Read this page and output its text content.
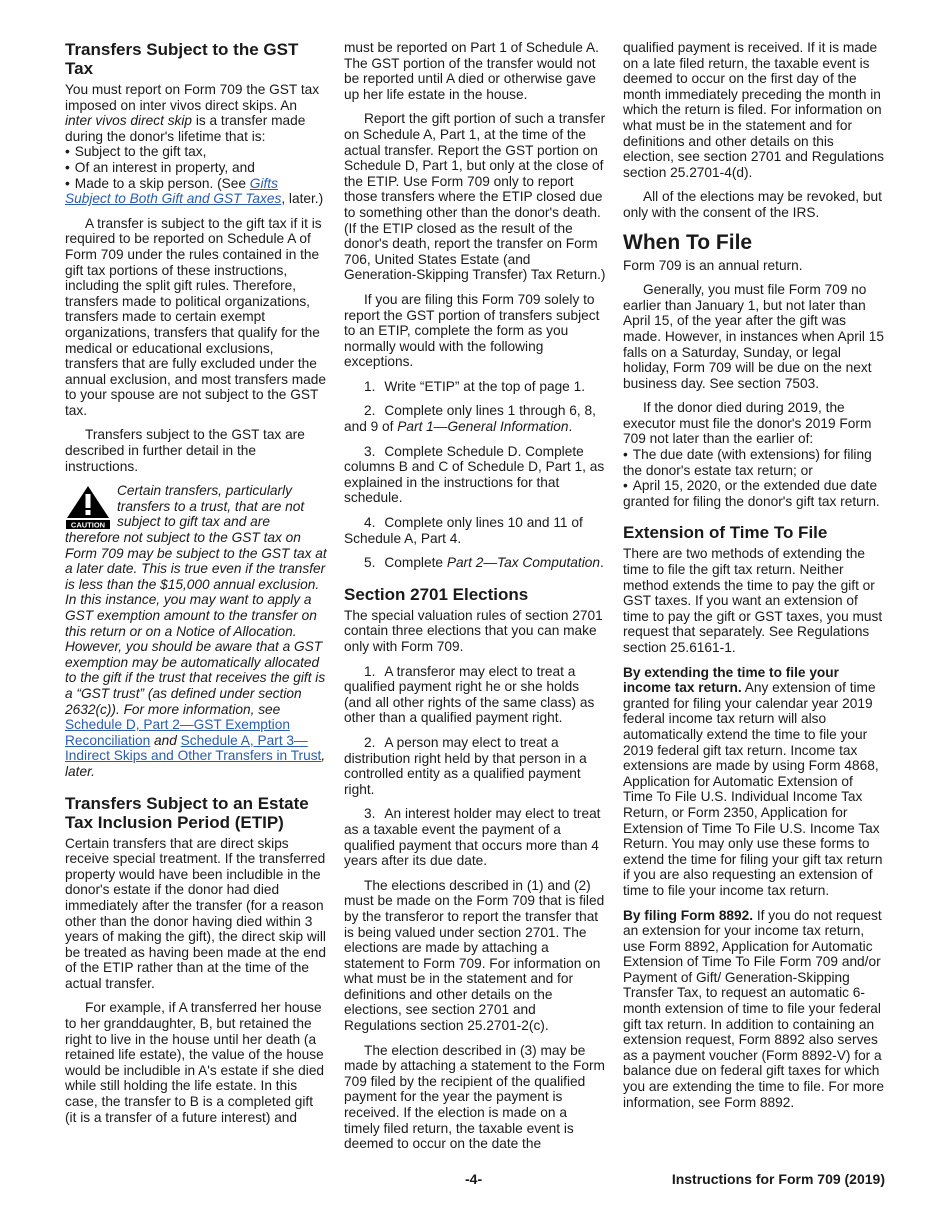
Transfers Subject to the GST Tax

You must report on Form 709 the GST tax imposed on inter vivos direct skips. An inter vivos direct skip is a transfer made during the donor's lifetime that is:

• Subject to the gift tax,
• Of an interest in property, and
• Made to a skip person. (See Gifts Subject to Both Gift and GST Taxes, later.)

A transfer is subject to the gift tax if it is required to be reported on Schedule A of Form 709 under the rules contained in the gift tax portions of these instructions, including the split gift rules. Therefore, transfers made to political organizations, transfers made to certain exempt organizations, transfers that qualify for the medical or educational exclusions, transfers that are fully excluded under the annual exclusion, and most transfers made to your spouse are not subject to the GST tax.

Transfers subject to the GST tax are described in further detail in the instructions.

CAUTION
Certain transfers, particularly transfers to a trust, that are not subject to gift tax and are therefore not subject to the GST tax on Form 709 may be subject to the GST tax at a later date. This is true even if the transfer is less than the $15,000 annual exclusion. In this instance, you may want to apply a GST exemption amount to the transfer on this return or on a Notice of Allocation. However, you should be aware that a GST exemption may be automatically allocated to the gift if the trust that receives the gift is a “GST trust” (as defined under section 2632(c)). For more information, see Schedule D, Part 2—GST Exemption Reconciliation and Schedule A, Part 3—Indirect Skips and Other Transfers in Trust, later.
Transfers Subject to an Estate Tax Inclusion Period (ETIP)

Certain transfers that are direct skips receive special treatment. If the transferred property would have been includible in the donor's estate if the donor had died immediately after the transfer (for a reason other than the donor having died within 3 years of making the gift), the direct skip will be treated as having been made at the end of the ETIP rather than at the time of the actual transfer.

For example, if A transferred her house to her granddaughter, B, but retained the right to live in the house until her death (a retained life estate), the value of the house would be includible in A's estate if she died while still holding the life estate. In this case, the transfer to B is a completed gift (it is a transfer of a future interest) and

must be reported on Part 1 of Schedule A. The GST portion of the transfer would not be reported until A died or otherwise gave up her life estate in the house.

Report the gift portion of such a transfer on Schedule A, Part 1, at the time of the actual transfer. Report the GST portion on Schedule D, Part 1, but only at the close of the ETIP. Use Form 709 only to report those transfers where the ETIP closed due to something other than the donor's death. (If the ETIP closed as the result of the donor's death, report the transfer on Form 706, United States Estate (and Generation-Skipping Transfer) Tax Return.)

If you are filing this Form 709 solely to report the GST portion of transfers subject to an ETIP, complete the form as you normally would with the following exceptions.

1. Write “ETIP” at the top of page 1.
2. Complete only lines 1 through 6, 8, and 9 of Part 1—General Information.
3. Complete Schedule D. Complete columns B and C of Schedule D, Part 1, as explained in the instructions for that schedule.
4. Complete only lines 10 and 11 of Schedule A, Part 4.
5. Complete Part 2—Tax Computation.
Section 2701 Elections

The special valuation rules of section 2701 contain three elections that you can make only with Form 709.

1. A transferor may elect to treat a qualified payment right he or she holds (and all other rights of the same class) as other than a qualified payment right.
2. A person may elect to treat a distribution right held by that person in a controlled entity as a qualified payment right.
3. An interest holder may elect to treat as a taxable event the payment of a qualified payment that occurs more than 4 years after its due date.

The elections described in (1) and (2) must be made on the Form 709 that is filed by the transferor to report the transfer that is being valued under section 2701. The elections are made by attaching a statement to Form 709. For information on what must be in the statement and for definitions and other details on the elections, see section 2701 and Regulations section 25.2701-2(c).

The election described in (3) may be made by attaching a statement to the Form 709 filed by the recipient of the qualified payment for the year the payment is received. If the election is made on a timely filed return, the taxable event is deemed to occur on the date the

qualified payment is received. If it is made on a late filed return, the taxable event is deemed to occur on the first day of the month immediately preceding the month in which the return is filed. For information on what must be in the statement and for definitions and other details on this election, see section 2701 and Regulations section 25.2701-4(d).

All of the elections may be revoked, but only with the consent of the IRS.

When To File

Form 709 is an annual return.

Generally, you must file Form 709 no earlier than January 1, but not later than April 15, of the year after the gift was made. However, in instances when April 15 falls on a Saturday, Sunday, or legal holiday, Form 709 will be due on the next business day. See section 7503.

If the donor died during 2019, the executor must file the donor's 2019 Form 709 not later than the earlier of:

• The due date (with extensions) for filing the donor's estate tax return; or
• April 15, 2020, or the extended due date granted for filing the donor's gift tax return.
Extension of Time To File

There are two methods of extending the time to file the gift tax return. Neither method extends the time to pay the gift or GST taxes. If you want an extension of time to pay the gift or GST taxes, you must request that separately. See Regulations section 25.6161-1.

By extending the time to file your income tax return. Any extension of time granted for filing your calendar year 2019 federal income tax return will also automatically extend the time to file your 2019 federal gift tax return. Income tax extensions are made by using Form 4868, Application for Automatic Extension of Time To File U.S. Individual Income Tax Return, or Form 2350, Application for Extension of Time To File U.S. Income Tax Return. You may only use these forms to extend the time for filing your gift tax return if you are also requesting an extension of time to file your income tax return.

By filing Form 8892. If you do not request an extension for your income tax return, use Form 8892, Application for Automatic Extension of Time To File Form 709 and/or Payment of Gift/ Generation-Skipping Transfer Tax, to request an automatic 6-month extension of time to file your federal gift tax return. In addition to containing an extension request, Form 8892 also serves as a payment voucher (Form 8892-V) for a balance due on federal gift taxes for which you are extending the time to file. For more information, see Form 8892.

-4-	Instructions for Form 709 (2019)
